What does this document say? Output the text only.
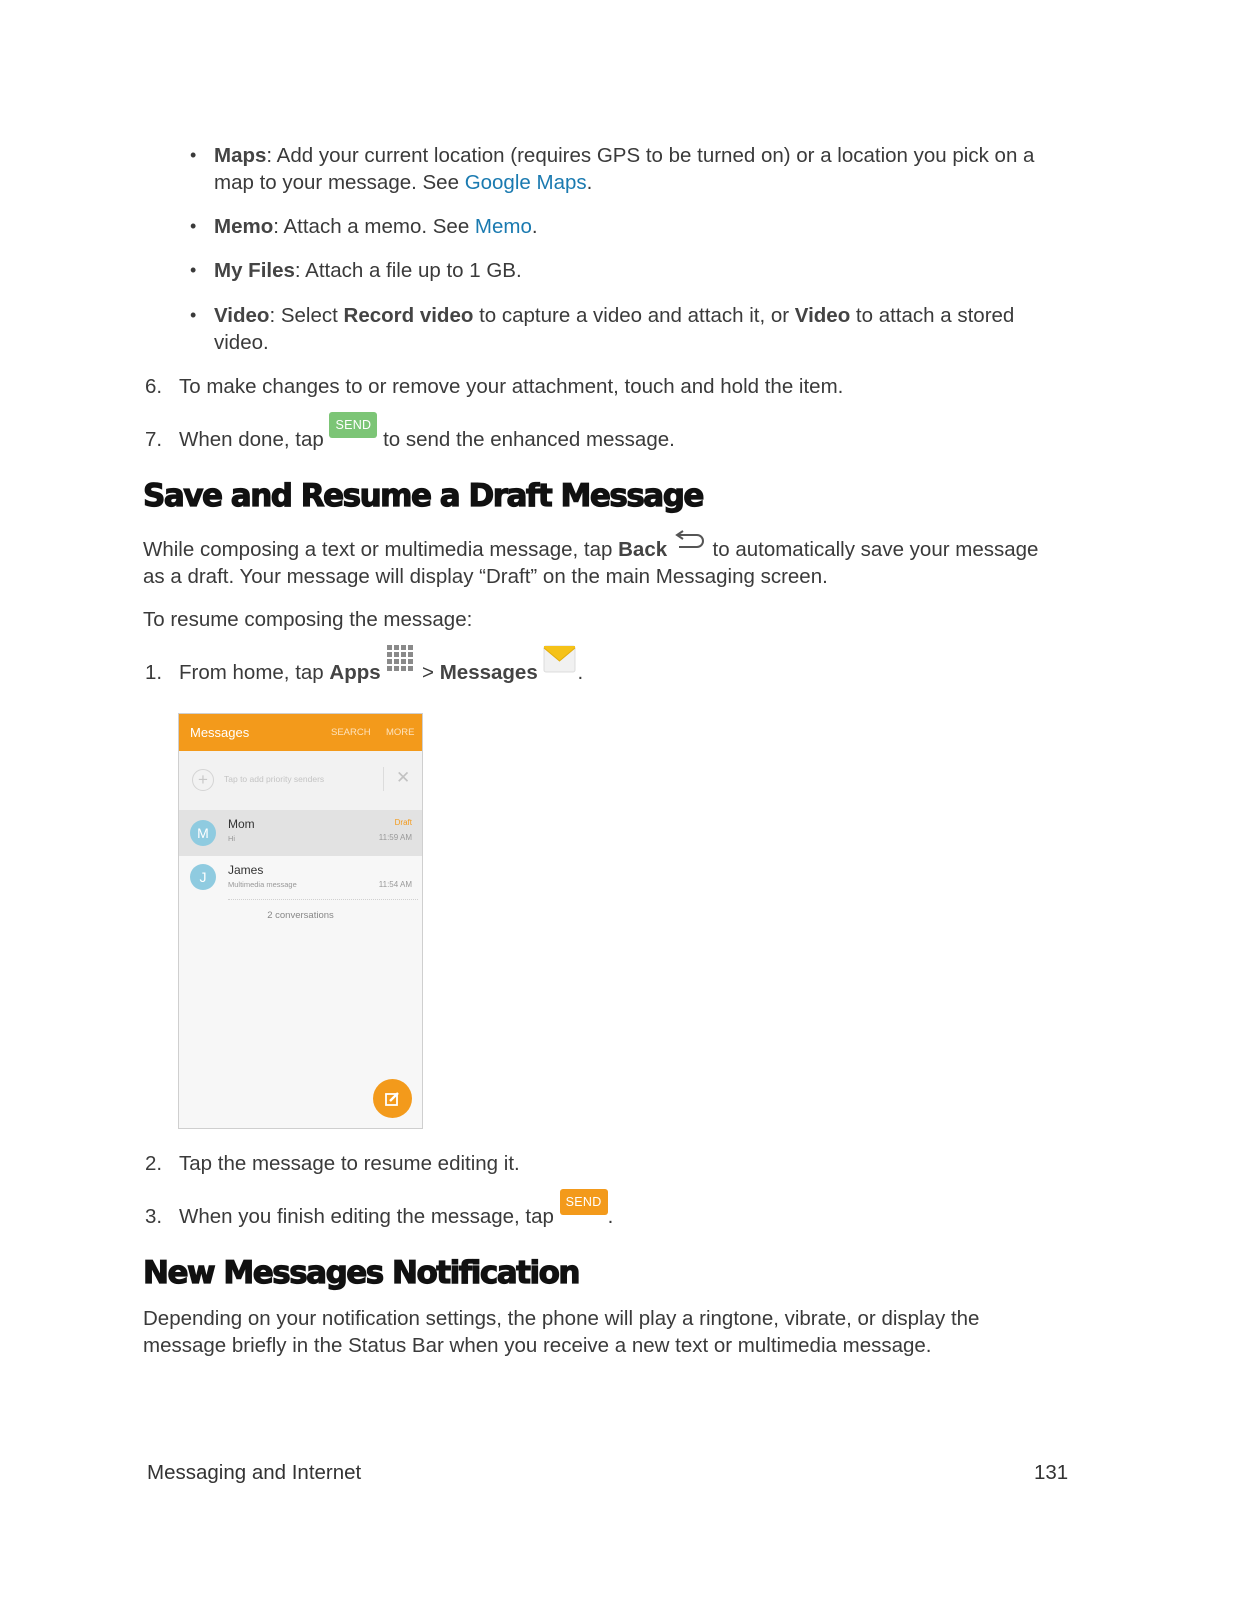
• Maps: Add your current location (requires GPS to be turned on) or a location you pick on a
map to your message. See Google Maps.
• Memo: Attach a memo. See Memo.
• My Files: Attach a file up to 1 GB.
• Video: Select Record video to capture a video and attach it, or Video to attach a stored
video.
6. To make changes to or remove your attachment, touch and hold the item.
7. When done, tap SEND to send the enhanced message.
Save and Resume a Draft Message
While composing a text or multimedia message, tap Back  to automatically save your message
as a draft. Your message will display “Draft” on the main Messaging screen.
To resume composing the message:
1. From home, tap Apps  > Messages .
Messages	SEARCH MORE
+	Tap to add priority senders	✕
M
Mom
Hi
Draft
11:59 AM
J	James
Multimedia message	11:54 AM
2 conversations
2. Tap the message to resume editing it.
3. When you finish editing the message, tap SEND.
New Messages Notification
Depending on your notification settings, the phone will play a ringtone, vibrate, or display the
message briefly in the Status Bar when you receive a new text or multimedia message.
Messaging and Internet	131
